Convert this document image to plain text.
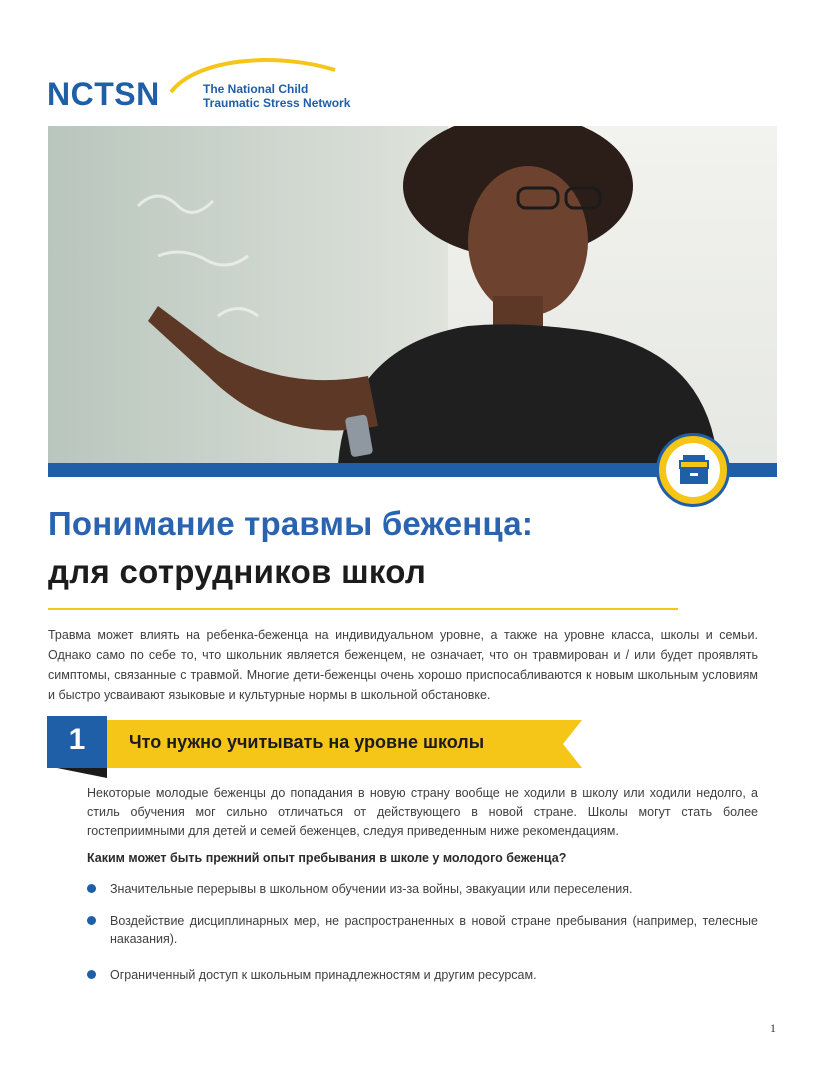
NCTSN	The National Child
Traumatic Stress Network
Понимание травмы беженца:
для сотрудников школ

Травма может влиять на ребенка-беженца на индивидуальном уровне, а также на уровне класса, школы и семьи. Однако само по себе то, что школьник является беженцем, не означает, что он травмирован и / или будет проявлять симптомы, связанные с травмой. Многие дети-беженцы очень хорошо приспосабливаются к новым школьным условиям и быстро усваивают языковые и культурные нормы в школьной обстановке.

1	Что нужно учитывать на уровне школы

Некоторые молодые беженцы до попадания в новую страну вообще не ходили в школу или ходили недолго, а стиль обучения мог сильно отличаться от действующего в новой стране. Школы могут стать более гостеприимными для детей и семей беженцев, следуя приведенным ниже рекомендациям.

Каким может быть прежний опыт пребывания в школе у молодого беженца?
Значительные перерывы в школьном обучении из-за войны, эвакуации или переселения.
Воздействие дисциплинарных мер, не распространенных в новой стране пребывания (например, телесные наказания).
Ограниченный доступ к школьным принадлежностям и другим ресурсам.
1
